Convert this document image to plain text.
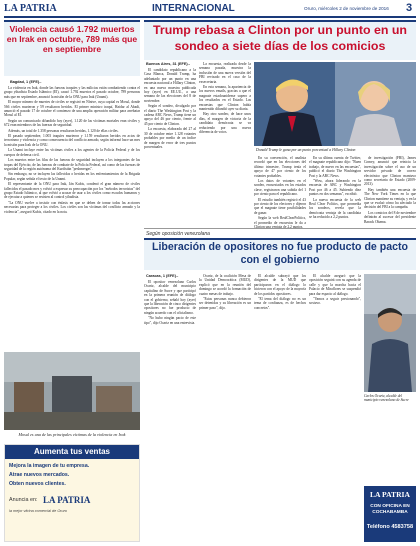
LA PATRIA	INTERNACIONAL	Oruro, miércoles 2 de noviembre de 2016 3
Violencia causó 1.792 muertos en Irak en octubre, 789 más que en septiembre
Bagdad, 1 (EFE).-

La violencia en Irak, donde las fuerzas iraquíes y las milicias están combatiendo contra el grupo yihadista Estado Islámico (EI), causó 1.792 muertos el pasado octubre, 789 personas más que en septiembre, anunció la misión de la ONU para Irak (Unami).

El mayor número de muertes de civiles se registró en Nínive, cuya capital es Mosul, donde 566 civiles murieron y 59 resultaron heridos. El primer ministro iraquí, Haidar al Abadi, anunció el pasado 17 de octubre el comienzo de una amplia operación militar para arrebatar Mosul al EI.

Según un comunicado difundido hoy (ayer), 1.120 de las víctimas mortales eran civiles y 672 eran miembros de las fuerzas de seguridad.

Además, un total de 1.358 personas resultaron heridas, 1.120 de ellas civiles.

El pasado septiembre, 1.003 iraquíes murieron y 1.159 resultaron heridos en actos de terrorismo y violencia y como consecuencia del conflicto armado, según informó hace un mes la misión para Irak de la ONU.

La Unami incluye entre las víctimas civiles a los agentes de la Policía Federal y de los cuerpos de defensa civil.

Los muertos entre las filas de las fuerzas de seguridad incluyen a los integrantes de las tropas del Ejército, de las fuerzas de combate de la Policía Federal, así como de las fuerzas de seguridad de la región autónoma del Kurdistán "peshmergas".

Sin embargo, no se incluyen las fallecidas o heridas en los enfrentamientos de la Brigada Popular, según señala el texto de la Unami.

El representante de la ONU para Irak, Ján Kubis, condenó el gran número de civiles fallecidos el pasado mes y volvió a expresar su preocupación por los "métodos terroristas" del grupo Estado Islámico, al que volvió a acusar de usar a los civiles como escudos humanos y de ejecutar a quienes se resisten al control yihadista.

"La ONU vuelve a insistir con énfasis en que se deben de tomar todas las acciones necesarias para proteger a los civiles. Los civiles son las víctimas del conflicto armado y la violencia", aseguró Kubis, citado en la nota.

Mosul es una de las principales víctimas de la violencia en Irak
Aumenta tus ventas
Mejora la imagen de tu empresa.
Atrae nuevos mercados.
Obten nuevos clientes.
Anuncia en: LA PATRIA
la mejor vitrina comercial de Oruro
Trump rebasa a Clinton por un punto en un sondeo a siete días de los comicios
Buenos Aires, 31 (EFE).-

El candidato republicano a la Casa Blanca, Donald Trump, ha adelantado por un punto en una encuesta nacional a Hillary Clinton, en una nueva muestra publicada hoy (ayer) en EE.UU., a una semana de las elecciones del 8 de noviembre.

Según el sondeo, divulgado por el diario The Washington Post y la cadena ABC News, Trump tiene un apoyo del 46 por ciento, frente al 45 por ciento de Clinton.

La encuesta, elaborada del 27 al 30 de octubre entre 1.128 votantes probables por medio de un índice de margen de error de tres puntos porcentuales.

La encuesta, realizada desde la semana pasada, muestra la inclusión de una nueva versión del FBI revisado en el caso de la exsecretaria.

En esta semana, la apariencia de los nuevos emails, gracias a que el magnate estadounidense supero a los resultados en el Estado. Las encuestas que Clinton había mantenido difundió ayer su diaria.

Hay otro sondeo, de hace unos días, el margen de victoria de la candidata demócrata se va reduciendo por una nueva diferencia de votos.

Donald Trump le gana por un punto porcentual a Hillary Clinton

En su convención, el analista recordó que en las elecciones del último trimestre, Trump tenía el apoyo de 47 por ciento de los votantes probables.

Los datos de votantes en el sondeo, encuestados en los estados clave, registraron una subida del 1 por ciento para el republicano.

El estudio también registró el 43 por ciento de los electores y dijeron que el magnate tiene posibilidades de ganar.

Según la web RealClearPolitics, el promedio de encuestas le da a

En su última cuenta de Twitter, el magnate republicano dijo: "Buen trabajo, de nuevo en las encuestas", publicó el diario The Washington Post y la ABC News.

"Wow, ahora liderando en la encuesta de ABC y Washington Post por 46 a 45. Subiendo diez puntos en dos semanas", escribió.

La nueva encuesta de la web Real Clear Politics, que promedia los sondeos, revela que la demócrata ventaja de la candidata se ha reducido a 2,2 puntos.

de investigación (FBI), James Comey, anunció que reinicia la investigación sobre el uso de un servidor privado de correo electrónico que Clinton mantuvo como secretaria de Estado (2009-2013).

Hay también una encuesta de The New York Times en la que Clinton mantiene su ventaja, y en la que se evaluó cómo ha afectado la decisión del FBI a la campaña.

Los comicios del 8 de noviembre definirán al sucesor del presidente Barack Obama.

Según oposición venezolana
Liberación de opositores no fue producto de pacto con el gobierno
Caracas, 1 (EFE).-

El opositor venezolano Carlos Ocariz, alcalde del municipio capitalino de Sucre y que participó en la primera reunión de diálogo con el gobierno, señaló hoy (ayer) que la liberación de cinco dirigentes opositores no fue producto de ningún acuerdo con el oficialismo.

"No hubo ningún pacto de este tipo", dijo Ocariz en una entrevista.

Ocariz, de la coalición Mesa de la Unidad Democrática (MUD), explicó que en la reunión del domingo se acordó la formación de cuatro mesas de trabajo.

"Estas personas nunca debieron ser detenidas y su liberación es un primer paso", dijo.

El alcalde subrayó que los dirigentes de la MUD que participaron en el diálogo lo hicieron con el apoyo de la mayoría de los partidos opositores.

"El tema del diálogo no es un tema de confianza, es de hechos concretos".

El alcalde aseguró que la oposición seguirá con su agenda de calle y que la marcha hacia el Palacio de Miraflores se suspendió para dar espacio al diálogo.

"Vamos a seguir presionando", sostuvo.

Carlos Ocariz, alcalde del municipio venezolano de Sucre
LA PATRIA
CON OFICINA EN COCHABAMBA
Teléfono 4583758
